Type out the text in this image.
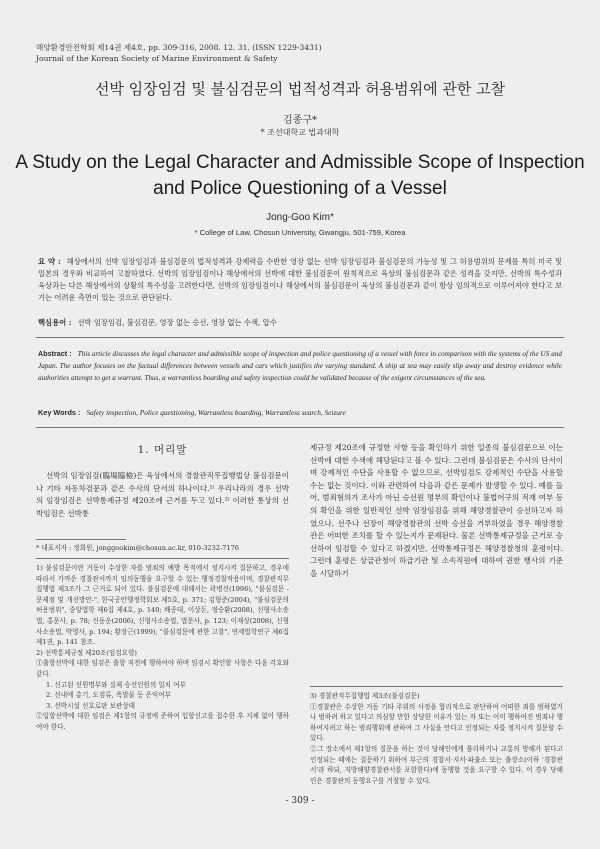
해양환경안전학회 제14권 제4호, pp. 309-316, 2008. 12. 31. (ISSN 1229-3431)
Journal of the Korean Society of Marine Environment & Safety
선박 임장임검 및 불심검문의 법적성격과 허용범위에 관한 고찰
김종구*
* 조선대학교 법과대학
A Study on the Legal Character and Admissible Scope of Inspection and Police Questioning of a Vessel
Jong-Goo Kim*
* College of Law, Chosun University, Gwangju, 501-759, Korea
요 약 : 해상에서의 선박 임장임검과 불심검문의 법적성격과 강제력을 수반한 영장 없는 선박 임장임검과 불심검문의 가능성 및 그 허용범위의 문제를 특히 미국 및 일본의 경우와 비교하여 고찰하였다. 선박의 임장임검이나 해상에서의 선박에 대한 불심검문이 원칙적으로 육상의 불심검문과 같은 성격을 갖지만, 선박의 특수성과 육상과는 다른 해상에서의 상황의 특수성을 고려한다면, 선박의 임장임검이나 해상에서의 불심검문이 육상의 불심검문과 같이 항상 임의적으로 이루어져야 한다고 보기는 어려운 측면이 있는 것으로 판단된다.
핵심용어 : 선박 임장임검, 불심검문, 영장 없는 승선, 영장 없는 수색, 압수
Abstract : This article discusses the legal character and admissible scope of inspection and police questioning of a vessel with force in comparison with the systems of the US and Japan. The author focuses on the factual differences between vessels and cars which justifies the varying standard. A ship at sea may easily slip away and destroy evidence while authorities attempt to get a warrant. Thus, a warrantless boarding and safety inspection could be validated because of the exigent circumstances of the sea.
Key Words : Safety inspection, Police questioning, Warrantless boarding, Warrantless search, Seizure
1. 머리말

선박의 임장임검(臨場臨檢)은 육상에서의 경찰관직무집행법상 불심검문이나 기타 자동차검문과 같은 수사의 단서의 하나이다.¹⁾ 우리나라의 경우 선박의 임장임검은 선박통제규정 제20조에 근거를 두고 있다.²⁾ 이러한 통상의 선박임검은 선박통

* 대표저자 : 정회원, jonggookim@chosun.ac.kr, 010-3232-7176

1) 불심검문이란 거동이 수상한 자를 범죄의 예방 목적에서 정지시켜 질문하고, 경우에 따라서 가까운 경찰관서까지 임의동행을 요구할 수 있는 행정경찰작용이며, 경찰관직무집행법 제3조가 그 근거로 되어 있다. 불심검문에 대해서는 곽병선(1996), "불심검문 -문제점 및 개선방안-", 한국공안행정학회보 제5호, p. 371; 김형준(2004), "불심검문의 허용범위", 중앙법학 제6집 제4호, p. 140; 배종대, 이상돈, 정승환(2008), 신형사소송법, 홍문사, p. 78; 신동운(2006), 신형사소송법, 법문사, p. 123; 이재상(2008), 신형사소송법, 박영사, p. 194; 황장근(1999), "불심검문에 관한 고찰", 연세법학연구 제6집 제1권, p. 141 참조.

2) 선박통제규정 제20조(임검요령)

①출항선박에 대한 임검은 출항 직전에 행하여야 하며 임검시 확인할 사항은 다음 각호와 같다.

1. 신고된 선원명부와 실제 승선인원의 일치 여부

2. 선내에 총기, 도검류, 폭발물 등 은익여부

3. 선박시설 신호로판 보관상태

②입항선박에 대한 임검은 제1항의 규정에 준하여 입항신고를 접수한 후 지체 없이 행하여야 한다.

제규정 제20조에 규정한 사항 등을 확인하기 위한 일종의 불심검문으로 이는 선박에 대한 수색에 해당된다고 볼 수 있다. 그런데 불심검문은 수사의 단서이며 강제적인 수단을 사용할 수 없으므로, 선박임검도 강제적인 수단을 사용할 수는 없는 것이다. 이와 관련하여 다음과 같은 문제가 발생할 수 있다. 예를 들어, 범죄혐의가 조사가 아닌 승선원 명부의 확인이나 불법어구의 적재 여부 등의 확인을 위한 일반적인 선박 임장임검을 위해 해양경찰관이 승선하고자 하였으나, 선주나 선장이 해양경찰관의 선박 승선을 거부하였을 경우 해양경찰관은 어떠한 조치를 할 수 있는지가 문제된다. 물론 선박통제규정을 근거로 승선하여 임검할 수 있다고 하겠지만, 선박통제규정은 해양경찰청의 훈령이다. 그런데 훈령은 상급관청이 하급기관 및 소속직원에 대하여 권한 행사의 기준을 시달하기

3) 경찰관직무집행법 제3조(불심검문)

①경찰관은 수상한 거동 기타 주위의 사정을 합리적으로 판단하여 어떠한 죄를 범하였거나 범하려 하고 있다고 의심할 만한 상당한 이유가 있는 자 또는 이미 행하여진 범죄나 행하여지려고 하는 범죄행위에 관하여 그 사실을 안다고 인정되는 자를 정지시켜 질문할 수 있다.

②그 장소에서 제1항의 질문을 하는 것이 당해인에게 불리하거나 교통의 방해가 된다고 인정되는 때에는 질문하기 위하여 부근의 경찰서·지서·파출소 또는 출장소(이하 '경찰관서'라 하되, 지방해양경찰관서를 포함한다)에 동행할 것을 요구할 수 있다. 이 경우 당해인은 경찰관의 동행요구를 거절할 수 있다.

- 309 -
